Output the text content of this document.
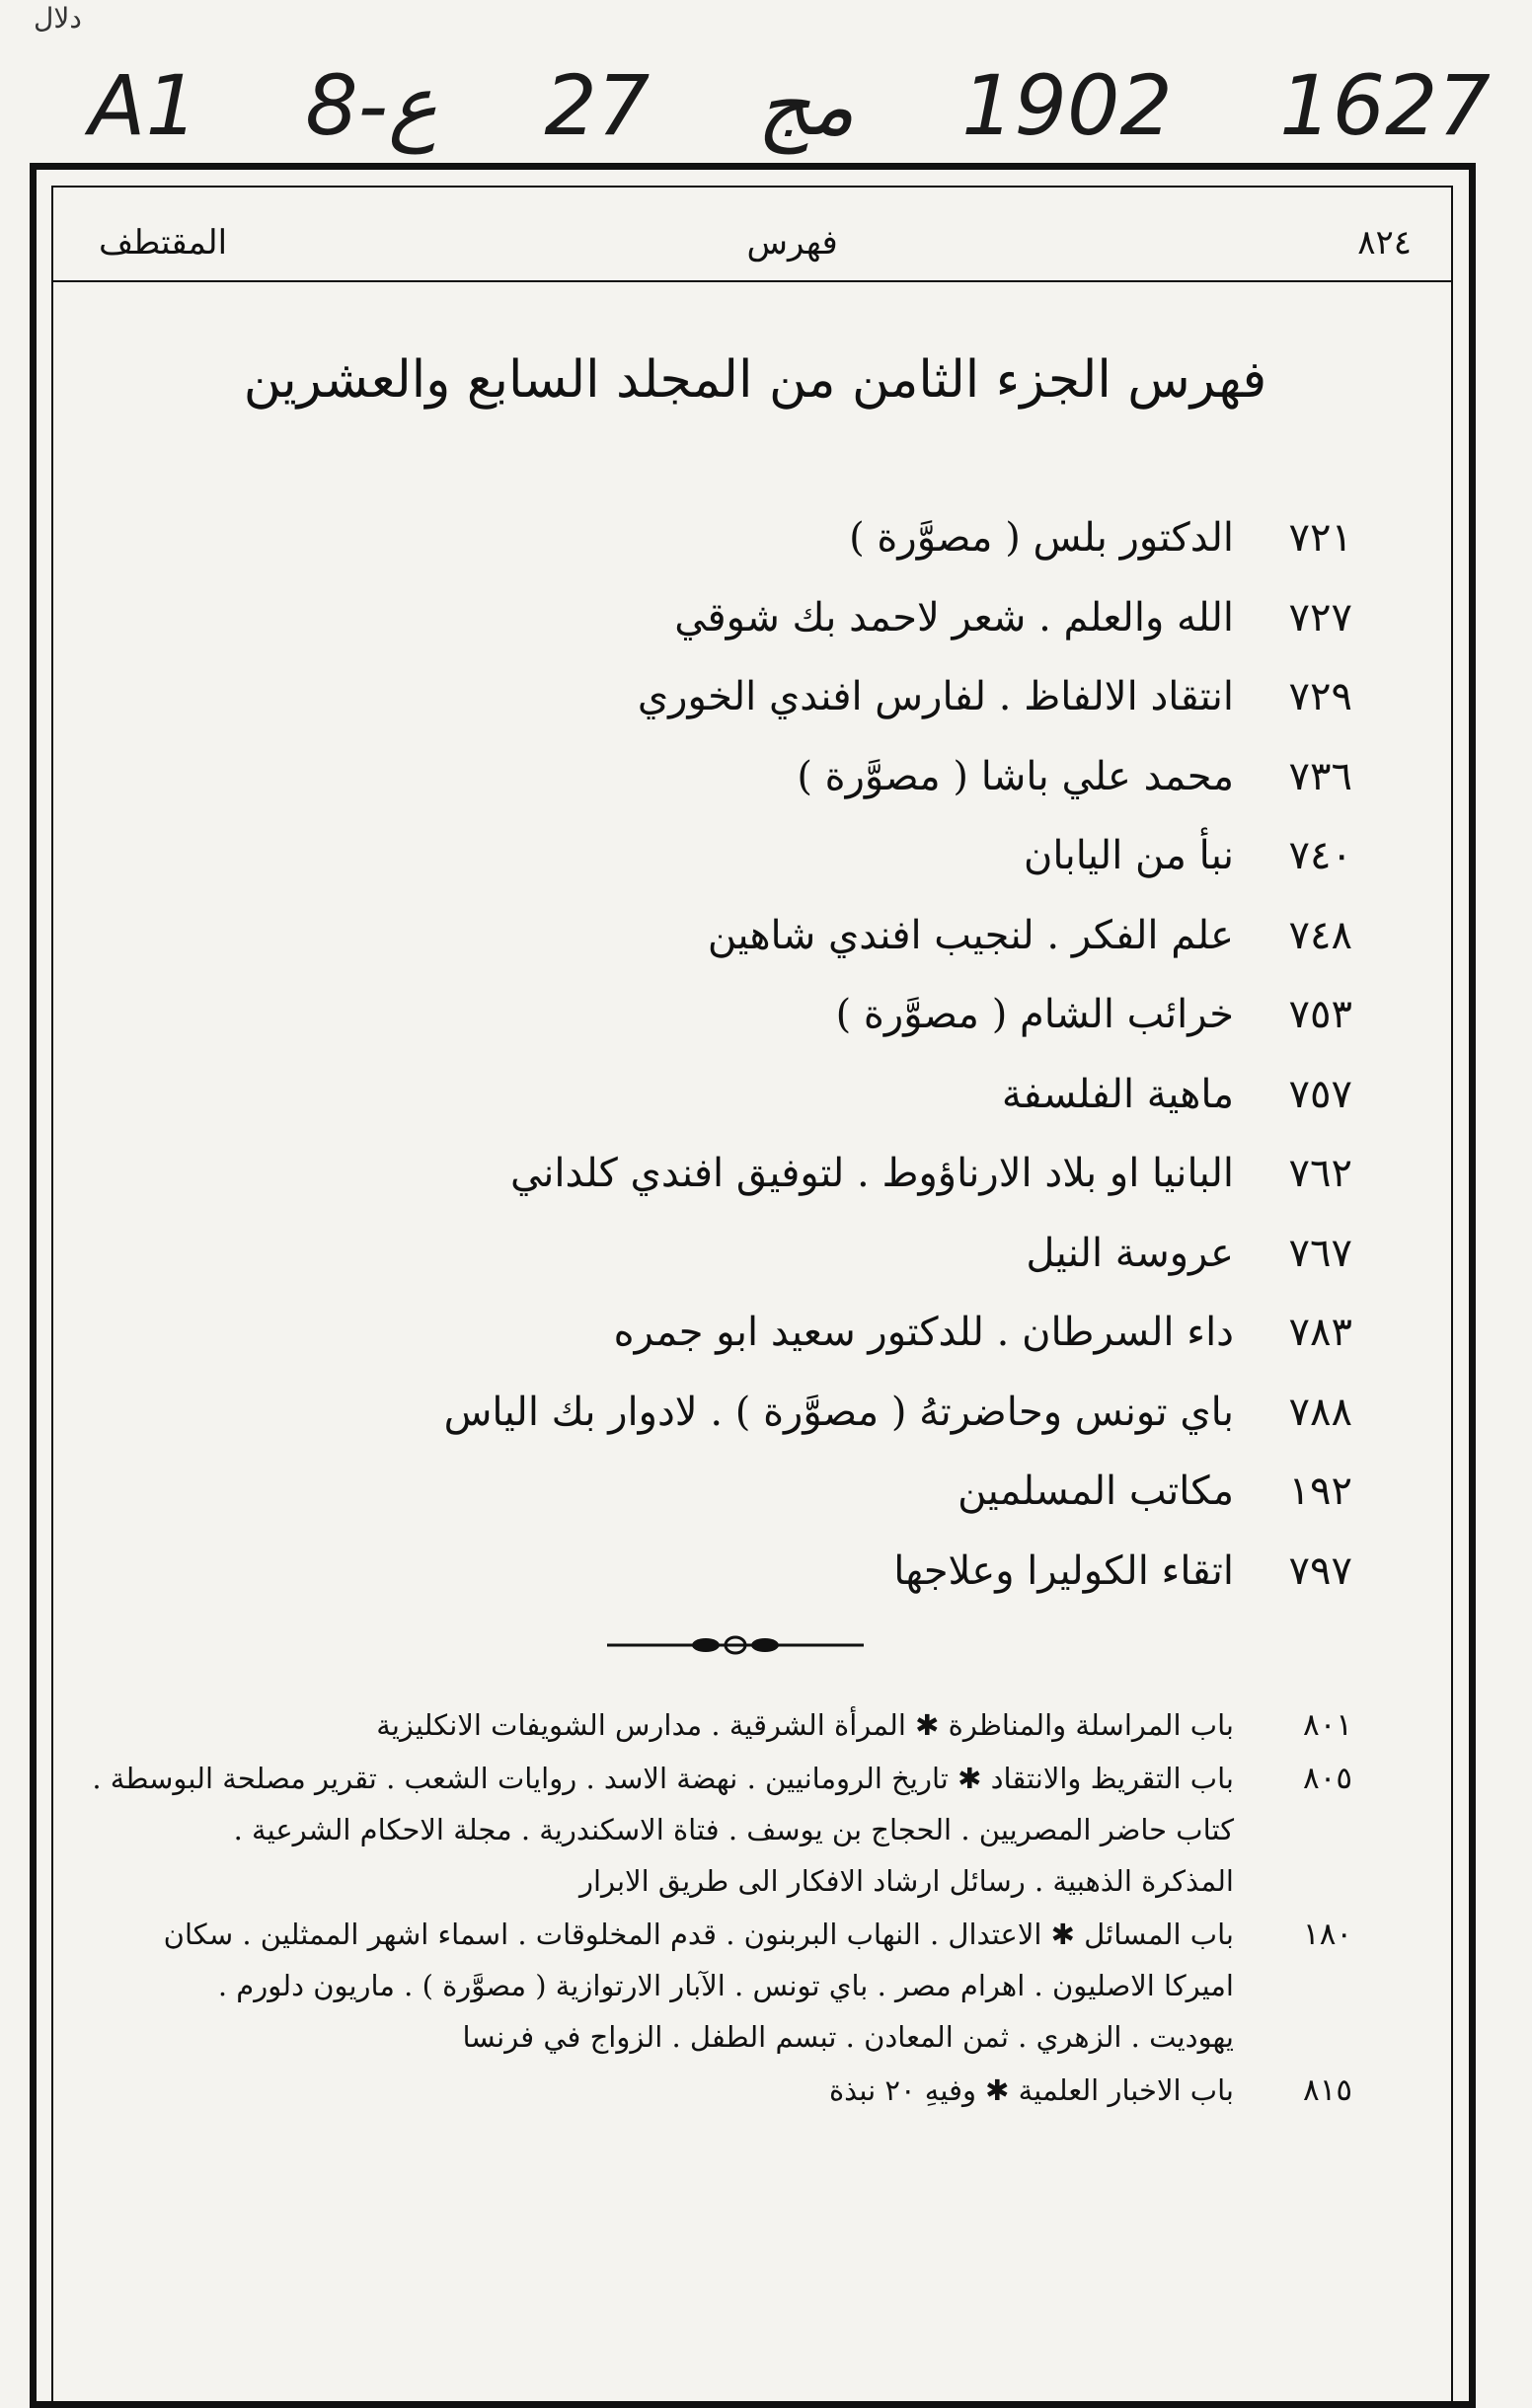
دلال
A1 8-ع 27 مج 1902 1627
٨٢٤
فهرس
المقتطف
فهرس الجزء الثامن من المجلد السابع والعشرين
٧٢١
الدكتور بلس ( مصوَّرة )
٧٢٧
الله والعلم . شعر لاحمد بك شوقي
٧٢٩
انتقاد الالفاظ . لفارس افندي الخوري
٧٣٦
محمد علي باشا ( مصوَّرة )
٧٤٠
نبأ من اليابان
٧٤٨
علم الفكر . لنجيب افندي شاهين
٧٥٣
خرائب الشام ( مصوَّرة )
٧٥٧
ماهية الفلسفة
٧٦٢
البانيا او بلاد الارناؤوط . لتوفيق افندي كلداني
٧٦٧
عروسة النيل
٧٨٣
داء السرطان . للدكتور سعيد ابو جمره
٧٨٨
باي تونس وحاضرتهُ ( مصوَّرة ) . لادوار بك الياس
١٩٢
مكاتب المسلمين
٧٩٧
اتقاء الكوليرا وعلاجها
٨٠١
باب المراسلة والمناظرة ✱ المرأة الشرقية . مدارس الشويفات الانكليزية
٨٠٥
باب التقريظ والانتقاد ✱ تاريخ الرومانيين . نهضة الاسد . روايات الشعب . تقرير مصلحة البوسطة .
كتاب حاضر المصريين . الحجاج بن يوسف . فتاة الاسكندرية . مجلة الاحكام الشرعية .
المذكرة الذهبية . رسائل ارشاد الافكار الى طريق الابرار
١٨٠
باب المسائل ✱ الاعتدال . النهاب البربنون . قدم المخلوقات . اسماء اشهر الممثلين . سكان
اميركا الاصليون . اهرام مصر . باي تونس . الآبار الارتوازية ( مصوَّرة ) . ماريون دلورم .
يهوديت . الزهري . ثمن المعادن . تبسم الطفل . الزواج في فرنسا
٨١٥
باب الاخبار العلمية ✱ وفيهِ ٢٠ نبذة
